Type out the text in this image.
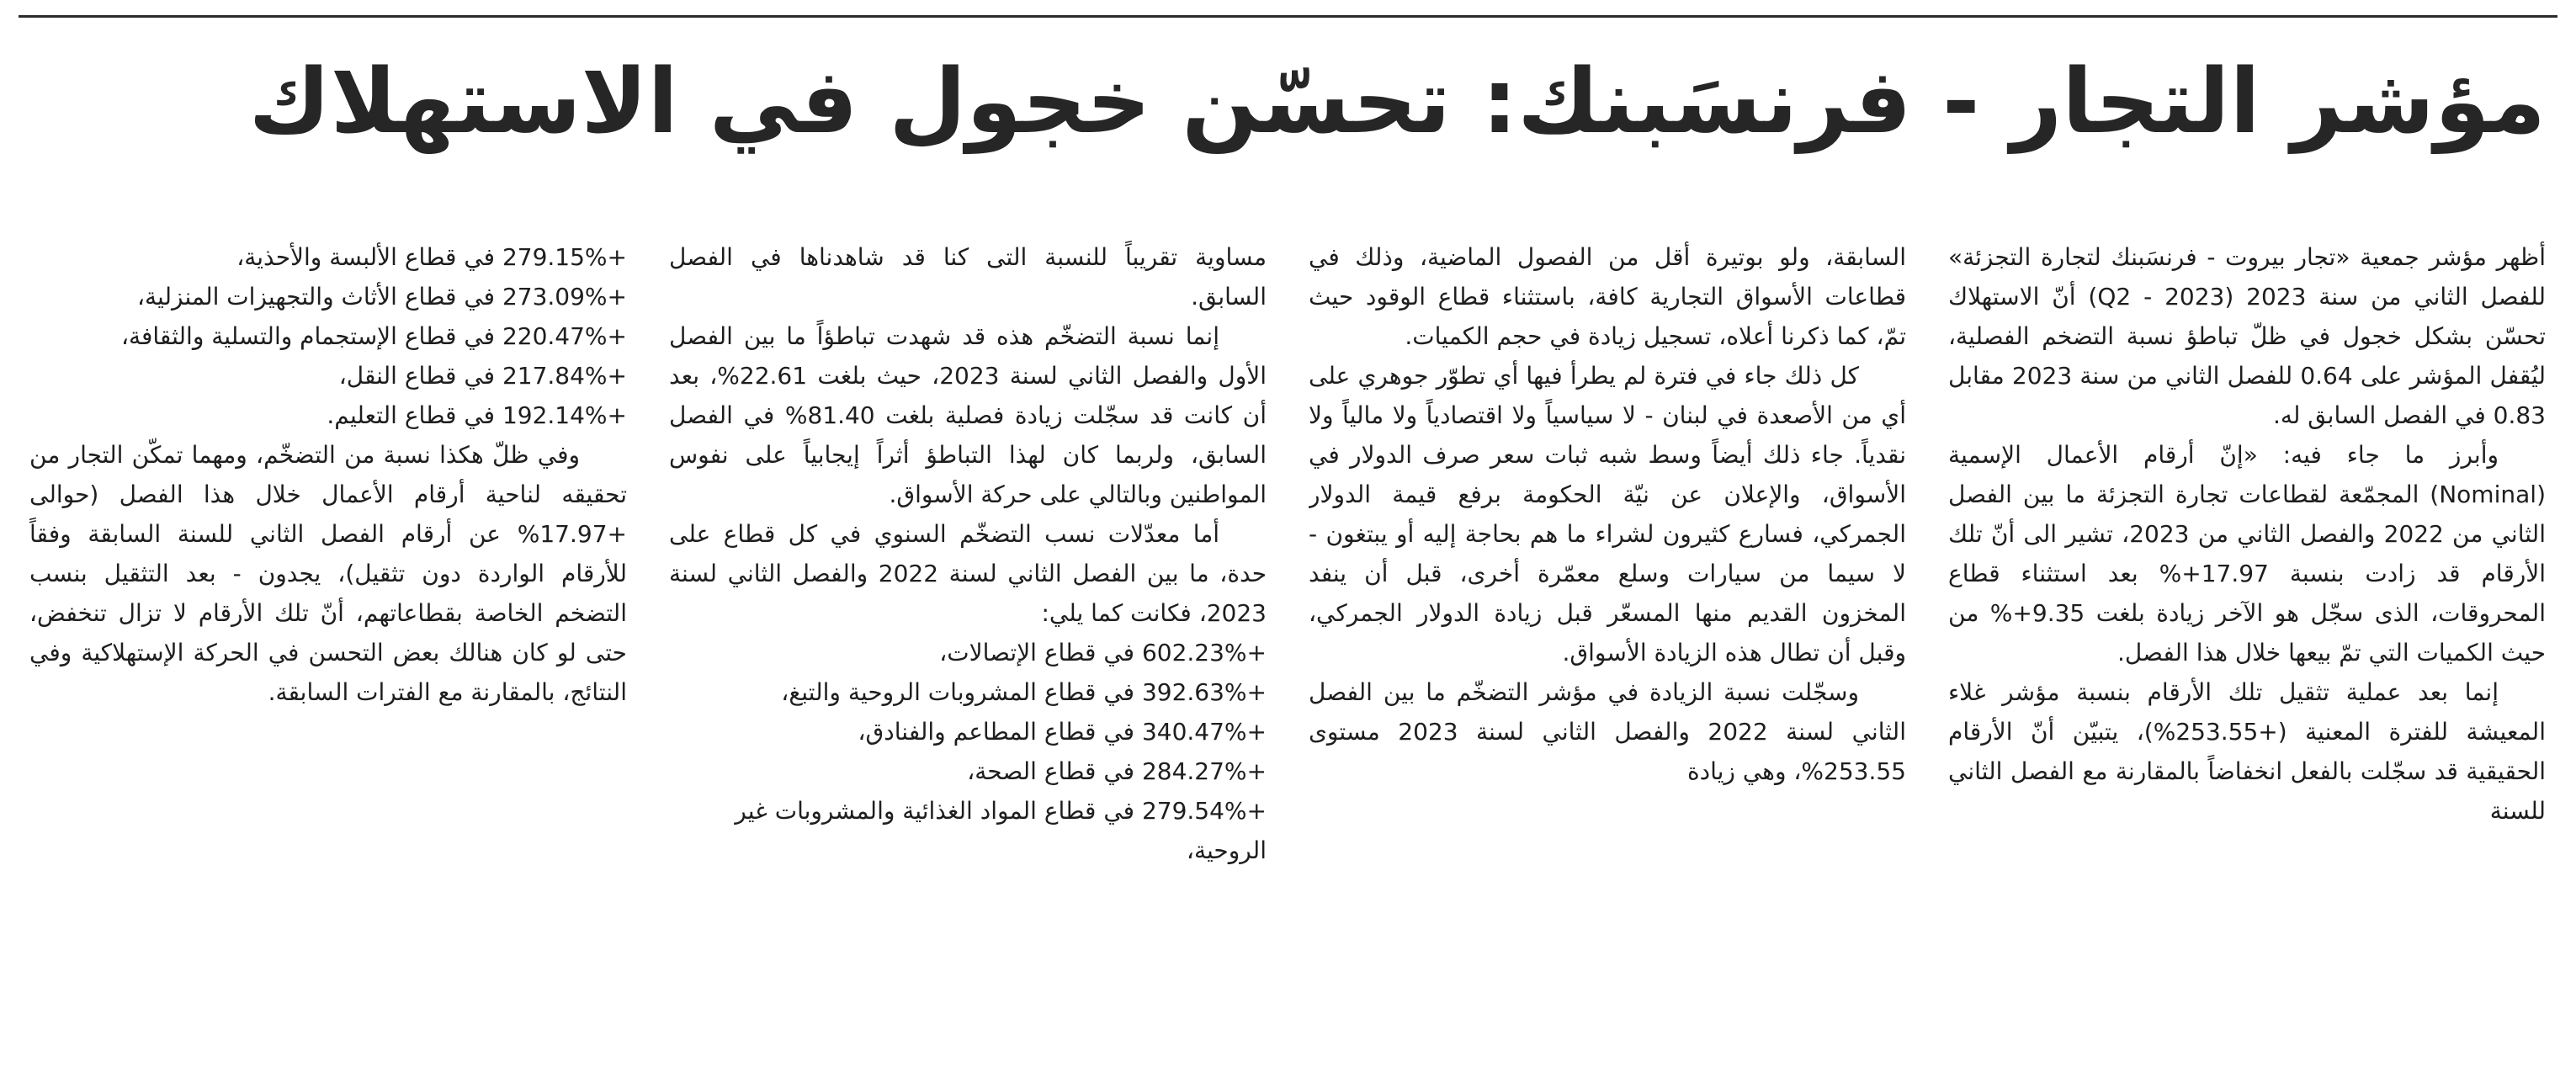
مؤشر التجار - فرنسَبنك: تحسّن خجول في الاستهلاك

أظهر مؤشر جمعية «تجار بيروت - فرنسَبنك لتجارة التجزئة» للفصل الثاني من سنة 2023 (Q2 - 2023) أنّ الاستهلاك تحسّن بشكل خجول في ظلّ تباطؤ نسبة التضخم الفصلية، ليُقفل المؤشر على 0.64 للفصل الثاني من سنة 2023 مقابل 0.83 في الفصل السابق له.

وأبرز ما جاء فيه: «إنّ أرقام الأعمال الإسمية (Nominal) المجمّعة لقطاعات تجارة التجزئة ما بين الفصل الثاني من 2022 والفصل الثاني من 2023، تشير الى أنّ تلك الأرقام قد زادت بنسبة 17.97+% بعد استثناء قطاع المحروقات، الذى سجّل هو الآخر زيادة بلغت 9.35+% من حيث الكميات التي تمّ بيعها خلال هذا الفصل.

إنما بعد عملية تثقيل تلك الأرقام بنسبة مؤشر غلاء المعيشة للفترة المعنية (+253.55%)، يتبيّن أنّ الأرقام الحقيقية قد سجّلت بالفعل انخفاضاً بالمقارنة مع الفصل الثاني للسنة

السابقة، ولو بوتيرة أقل من الفصول الماضية، وذلك في قطاعات الأسواق التجارية كافة، باستثناء قطاع الوقود حيث تمّ، كما ذكرنا أعلاه، تسجيل زيادة في حجم الكميات.

كل ذلك جاء في فترة لم يطرأ فيها أي تطوّر جوهري على أي من الأصعدة في لبنان - لا سياسياً ولا اقتصادياً ولا مالياً ولا نقدياً. جاء ذلك أيضاً وسط شبه ثبات سعر صرف الدولار في الأسواق، والإعلان عن نيّة الحكومة برفع قيمة الدولار الجمركي، فسارع كثيرون لشراء ما هم بحاجة إليه أو يبتغون - لا سيما من سيارات وسلع معمّرة أخرى، قبل أن ينفد المخزون القديم منها المسعّر قبل زيادة الدولار الجمركي، وقبل أن تطال هذه الزيادة الأسواق.

وسجّلت نسبة الزيادة في مؤشر التضخّم ما بين الفصل الثاني لسنة 2022 والفصل الثاني لسنة 2023 مستوى 253.55%، وهي زيادة

مساوية تقريباً للنسبة التى كنا قد شاهدناها في الفصل السابق.

إنما نسبة التضخّم هذه قد شهدت تباطؤاً ما بين الفصل الأول والفصل الثاني لسنة 2023، حيث بلغت 22.61%، بعد أن كانت قد سجّلت زيادة فصلية بلغت 81.40% في الفصل السابق، ولربما كان لهذا التباطؤ أثراً إيجابياً على نفوس المواطنين وبالتالي على حركة الأسواق.

أما معدّلات نسب التضخّم السنوي في كل قطاع على حدة، ما بين الفصل الثاني لسنة 2022 والفصل الثاني لسنة 2023، فكانت كما يلي:

+602.23% في قطاع الإتصالات،

+392.63% في قطاع المشروبات الروحية والتبغ،

+340.47% في قطاع المطاعم والفنادق،

+284.27% في قطاع الصحة،

+279.54% في قطاع المواد الغذائية والمشروبات غير الروحية،

+279.15% في قطاع الألبسة والأحذية،

+273.09% في قطاع الأثاث والتجهيزات المنزلية،

+220.47% في قطاع الإستجمام والتسلية والثقافة،

+217.84% في قطاع النقل،

+192.14% في قطاع التعليم.

وفي ظلّ هكذا نسبة من التضخّم، ومهما تمكّن التجار من تحقيقه لناحية أرقام الأعمال خلال هذا الفصل (حوالى +17.97% عن أرقام الفصل الثاني للسنة السابقة وفقاً للأرقام الواردة دون تثقيل)، يجدون - بعد التثقيل بنسب التضخم الخاصة بقطاعاتهم، أنّ تلك الأرقام لا تزال تنخفض، حتى لو كان هنالك بعض التحسن في الحركة الإستهلاكية وفي النتائج، بالمقارنة مع الفترات السابقة.
